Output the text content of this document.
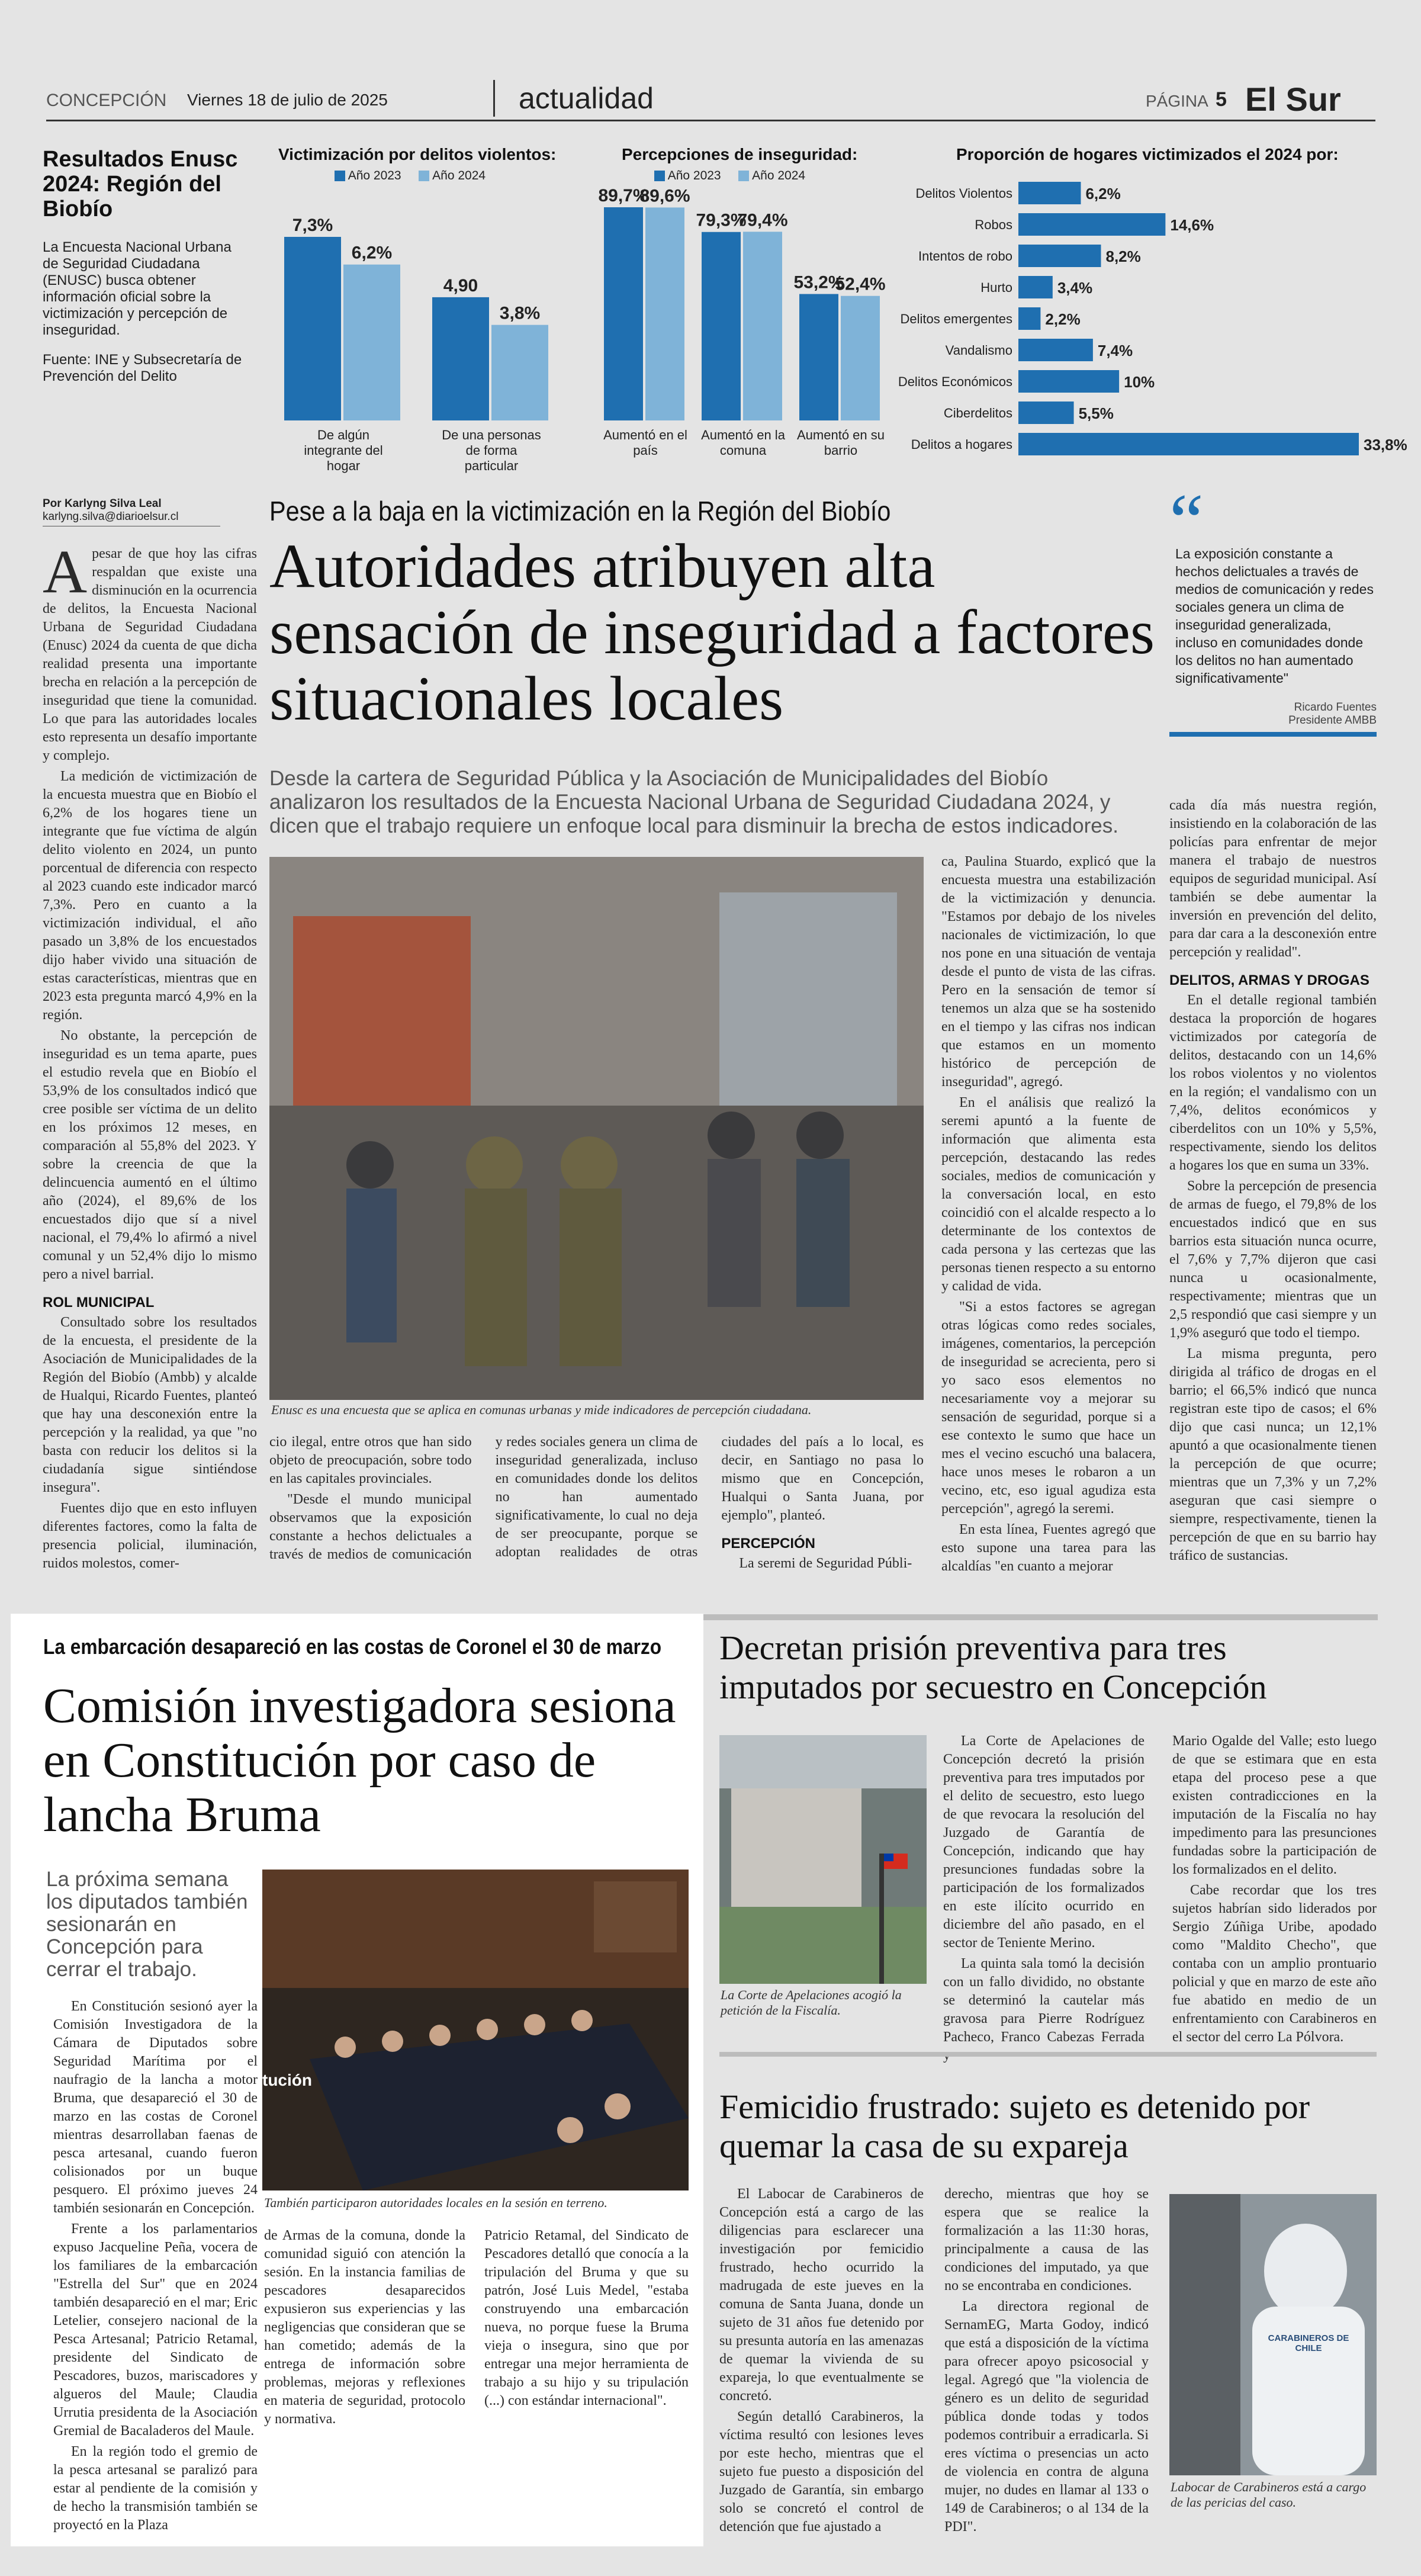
CONCEPCIÓN Viernes 18 de julio de 2025	actualidad	PÁGINA 5 El Sur
Resultados Enusc 2024: Región del Biobío
La Encuesta Nacional Urbana de Seguridad Ciudadana (ENUSC) busca obtener información oficial sobre la victimización y percepción de inseguridad.
Fuente: INE y Subsecretaría de Prevención del Delito
Victimización por delitos violentos:
Año 2023	Año 2024
7,3%
6,2%
De algún
integrante del
hogar
4,90
3,8%
De una personas
de forma
particular
Percepciones de inseguridad:
Año 2023	Año 2024
89,7%
89,6%
Aumentó en el
país
79,3%
79,4%
Aumentó en la
comuna
53,2%
52,4%
Aumentó en su
barrio
Proporción de hogares victimizados el 2024 por:
Delitos Violentos	6,2%
Robos	14,6%
Intentos de robo	8,2%
Hurto	3,4%
Delitos emergentes 2,2%
Vandalismo	7,4%
Delitos Económicos	10%
Ciberdelitos	5,5%
Delitos a hogares	33,8%
Por Karlyng Silva Leal
karlyng.silva@diarioelsur.cl	Pese a la baja en la victimización en la Región del Biobío
Autoridades atribuyen alta sensación de inseguridad a factores situacionales locales
Desde la cartera de Seguridad Pública y la Asociación de Municipalidades del Biobío analizaron los resultados de la Encuesta Nacional Urbana de Seguridad Ciudadana 2024, y dicen que el trabajo requiere un enfoque local para disminuir la brecha de estos indicadores.
“
La exposición constante a hechos delictuales a través de medios de comunicación y redes sociales genera un clima de inseguridad generalizada, incluso en comunidades donde los delitos no han aumentado significativamente"
Ricardo Fuentes
Presidente AMBB

Apesar de que hoy las cifras respaldan que existe una disminución en la ocurrencia de delitos, la Encuesta Nacional Urbana de Seguridad Ciudadana (Enusc) 2024 da cuenta de que dicha realidad presenta una importante brecha en relación a la percepción de inseguridad que tiene la comunidad. Lo que para las autoridades locales esto representa un desafío importante y complejo.

La medición de victimización de la encuesta muestra que en Biobío el 6,2% de los hogares tiene un integrante que fue víctima de algún delito violento en 2024, un punto porcentual de diferencia con respecto al 2023 cuando este indicador marcó 7,3%. Pero en cuanto a la victimización individual, el año pasado un 3,8% de los encuestados dijo haber vivido una situación de estas características, mientras que en 2023 esta pregunta marcó 4,9% en la región.

No obstante, la percepción de inseguridad es un tema aparte, pues el estudio revela que en Biobío el 53,9% de los consultados indicó que cree posible ser víctima de un delito en los próximos 12 meses, en comparación al 55,8% del 2023. Y sobre la creencia de que la delincuencia aumentó en el último año (2024), el 89,6% de los encuestados dijo que sí a nivel nacional, el 79,4% lo afirmó a nivel comunal y un 52,4% dijo lo mismo pero a nivel barrial.

ROL MUNICIPAL

Consultado sobre los resultados de la encuesta, el presidente de la Asociación de Municipalidades de la Región del Biobío (Ambb) y alcalde de Hualqui, Ricardo Fuentes, planteó que hay una desconexión entre la percepción y la realidad, ya que "no basta con reducir los delitos si la ciudadanía sigue sintiéndose insegura".

Fuentes dijo que en esto influyen diferentes factores, como la falta de presencia policial, iluminación, ruidos molestos, comer-

Enusc es una encuesta que se aplica en comunas urbanas y mide indicadores de percepción ciudadana.

cio ilegal, entre otros que han sido objeto de preocupación, sobre todo en las capitales provinciales.

"Desde el mundo municipal observamos que la exposición constante a hechos delictuales a través de medios de comunicación y redes sociales genera un clima de inseguridad generalizada, incluso en comunidades donde los delitos no han aumentado significativamente, lo cual no deja de ser preocupante, porque se adoptan realidades de otras ciudades del país a lo local, es decir, en Santiago no pasa lo mismo que en Concepción, Hualqui o Santa Juana, por ejemplo", planteó.

PERCEPCIÓN

La seremi de Seguridad Públi-

ca, Paulina Stuardo, explicó que la encuesta muestra una estabilización de la victimización y denuncia. "Estamos por debajo de los niveles nacionales de victimización, lo que nos pone en una situación de ventaja desde el punto de vista de las cifras. Pero en la sensación de temor sí tenemos un alza que se ha sostenido en el tiempo y las cifras nos indican que estamos en un momento histórico de percepción de inseguridad", agregó.

En el análisis que realizó la seremi apuntó a la fuente de información que alimenta esta percepción, destacando las redes sociales, medios de comunicación y la conversación local, en esto coincidió con el alcalde respecto a lo determinante de los contextos de cada persona y las certezas que las personas tienen respecto a su entorno y calidad de vida.

"Si a estos factores se agregan otras lógicas como redes sociales, imágenes, comentarios, la percepción de inseguridad se acrecienta, pero si yo saco esos elementos no necesariamente voy a mejorar su sensación de seguridad, porque si a ese contexto le sumo que hace un mes el vecino escuchó una balacera, hace unos meses le robaron a un vecino, etc, eso igual agudiza esta percepción", agregó la seremi.

En esta línea, Fuentes agregó que esto supone una tarea para las alcaldías "en cuanto a mejorar

cada día más nuestra región, insistiendo en la colaboración de las policías para enfrentar de mejor manera el trabajo de nuestros equipos de seguridad municipal. Así también se debe aumentar la inversión en prevención del delito, para dar cara a la desconexión entre percepción y realidad".

DELITOS, ARMAS Y DROGAS

En el detalle regional también destaca la proporción de hogares victimizados por categoría de delitos, destacando con un 14,6% los robos violentos y no violentos en la región; el vandalismo con un 7,4%, delitos económicos y ciberdelitos con un 10% y 5,5%, respectivamente, siendo los delitos a hogares los que en suma un 33%.

Sobre la percepción de presencia de armas de fuego, el 79,8% de los encuestados indicó que en sus barrios esta situación nunca ocurre, el 7,6% y 7,7% dijeron que casi nunca u ocasionalmente, respectivamente; mientras que un 2,5 respondió que casi siempre y un 1,9% aseguró que todo el tiempo.

La misma pregunta, pero dirigida al tráfico de drogas en el barrio; el 66,5% indicó que nunca registran este tipo de casos; el 6% dijo que casi nunca; un 12,1% apuntó a que ocasionalmente tienen la percepción de que ocurre; mientras que un 7,3% y un 7,2% aseguran que casi siempre o siempre, respectivamente, tienen la percepción de que en su barrio hay tráfico de sustancias.

La embarcación desapareció en las costas de Coronel el 30 de marzo
Comisión investigadora sesiona en Constitución por caso de lancha Bruma
La próxima semana los diputados también sesionarán en Concepción para cerrar el trabajo.
tución
También participaron autoridades locales en la sesión en terreno.

En Constitución sesionó ayer la Comisión Investigadora de la Cámara de Diputados sobre Seguridad Marítima por el naufragio de la lancha a motor Bruma, que desapareció el 30 de marzo en las costas de Coronel mientras desarrollaban faenas de pesca artesanal, cuando fueron colisionados por un buque pesquero. El próximo jueves 24 también sesionarán en Concepción.

Frente a los parlamentarios expuso Jacqueline Peña, vocera de los familiares de la embarcación "Estrella del Sur" que en 2024 también desapareció en el mar; Eric Letelier, consejero nacional de la Pesca Artesanal; Patricio Retamal, presidente del Sindicato de Pescadores, buzos, mariscadores y algueros del Maule; Claudia Urrutia presidenta de la Asociación Gremial de Bacaladeros del Maule.

En la región todo el gremio de la pesca artesanal se paralizó para estar al pendiente de la comisión y de hecho la transmisión también se proyectó en la Plaza

de Armas de la comuna, donde la comunidad siguió con atención la sesión. En la instancia familias de pescadores desaparecidos expusieron sus experiencias y las negligencias que consideran que se han cometido; además de la entrega de información sobre problemas, mejoras y reflexiones en materia de seguridad, protocolo y normativa.

Patricio Retamal, del Sindicato de Pescadores detalló que conocía a la tripulación del Bruma y que su patrón, José Luis Medel, "estaba construyendo una embarcación nueva, no porque fuese la Bruma vieja o insegura, sino que por entregar una mejor herramienta de trabajo a su hijo y su tripulación (...) con estándar internacional".

Decretan prisión preventiva para tres imputados por secuestro en Concepción
La Corte de Apelaciones acogió la petición de la Fiscalía.

La Corte de Apelaciones de Concepción decretó la prisión preventiva para tres imputados por el delito de secuestro, esto luego de que revocara la resolución del Juzgado de Garantía de Concepción, indicando que hay presunciones fundadas sobre la participación de los formalizados en este ilícito ocurrido en diciembre del año pasado, en el sector de Teniente Merino.

La quinta sala tomó la decisión con un fallo dividido, no obstante se determinó la cautelar más gravosa para Pierre Rodríguez Pacheco, Franco Cabezas Ferrada

Mario Ogalde del Valle; esto luego de que se estimara que en esta etapa del proceso pese a que existen contradicciones en la imputación de la Fiscalía no hay impedimento para las presunciones fundadas sobre la participación de los formalizados en el delito.

Cabe recordar que los tres sujetos habrían sido liderados por Sergio Zúñiga Uribe, apodado como "Maldito Checho", que contaba con un amplio prontuario policial y que en marzo de este año fue abatido en medio de un enfrentamiento con Carabineros en el sector del cerro La Pólvora.

Femicidio frustrado: sujeto es detenido por quemar la casa de su expareja

El Labocar de Carabineros de Concepción está a cargo de las diligencias para esclarecer una investigación por femicidio frustrado, hecho ocurrido la madrugada de este jueves en la comuna de Santa Juana, donde un sujeto de 31 años fue detenido por su presunta autoría en las amenazas de quemar la vivienda de su expareja, lo que eventualmente se concretó.

Según detalló Carabineros, la víctima resultó con lesiones leves por este hecho, mientras que el sujeto fue puesto a disposición del Juzgado de Garantía, sin embargo solo se concretó el control de detención que fue ajustado a

derecho, mientras que hoy se espera que se realice la formalización a las 11:30 horas, principalmente a causa de las condiciones del imputado, ya que no se encontraba en condiciones.

La directora regional de SernamEG, Marta Godoy, indicó que está a disposición de la víctima para ofrecer apoyo psicosocial y legal. Agregó que "la violencia de género es un delito de seguridad pública donde todas y todos podemos contribuir a erradicarla. Si eres víctima o presencias un acto de violencia en contra de alguna mujer, no dudes en llamar al 133 o 149 de Carabineros; o al 134 de la PDI".

CARABINEROS DE CHILE
Labocar de Carabineros está a cargo de las pericias del caso.
